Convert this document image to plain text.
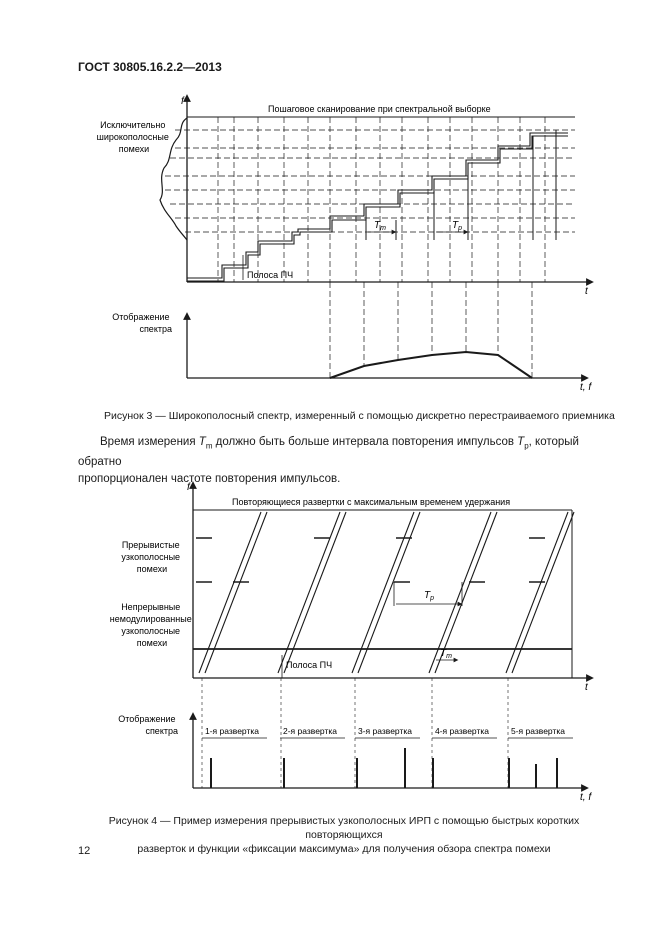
ГОСТ 30805.16.2.2—2013
f
t
Пошаговое сканирование при спектральной выборке
$T_m$	$T_p$
Полоса ПЧ
Исключительно широкополосные помехи
t, f
Отображение спектра
Рисунок 3 — Широкополосный спектр, измеренный с помощью дискретно перестраиваемого приемника
Время измерения $T_m$ должно быть больше интервала повторения импульсов $T_p$, который обратно
пропорционален частоте повторения импульсов.
f
t
Повторяющиеся развертки с максимальным временем удержания
$T_p$
$T_m$
Полоса ПЧ
Прерывистые узкополосные помехи
Непрерывные немодулированные узкополосные помехи
t, f
Отображение спектра	1-я развертка	2-я развертка 3-я развертка	4-я развертка	5-я развертка
Рисунок 4 — Пример измерения прерывистых узкополосных ИРП с помощью быстрых коротких повторяющихся
разверток и функции «фиксации максимума» для получения обзора спектра помехи
12
